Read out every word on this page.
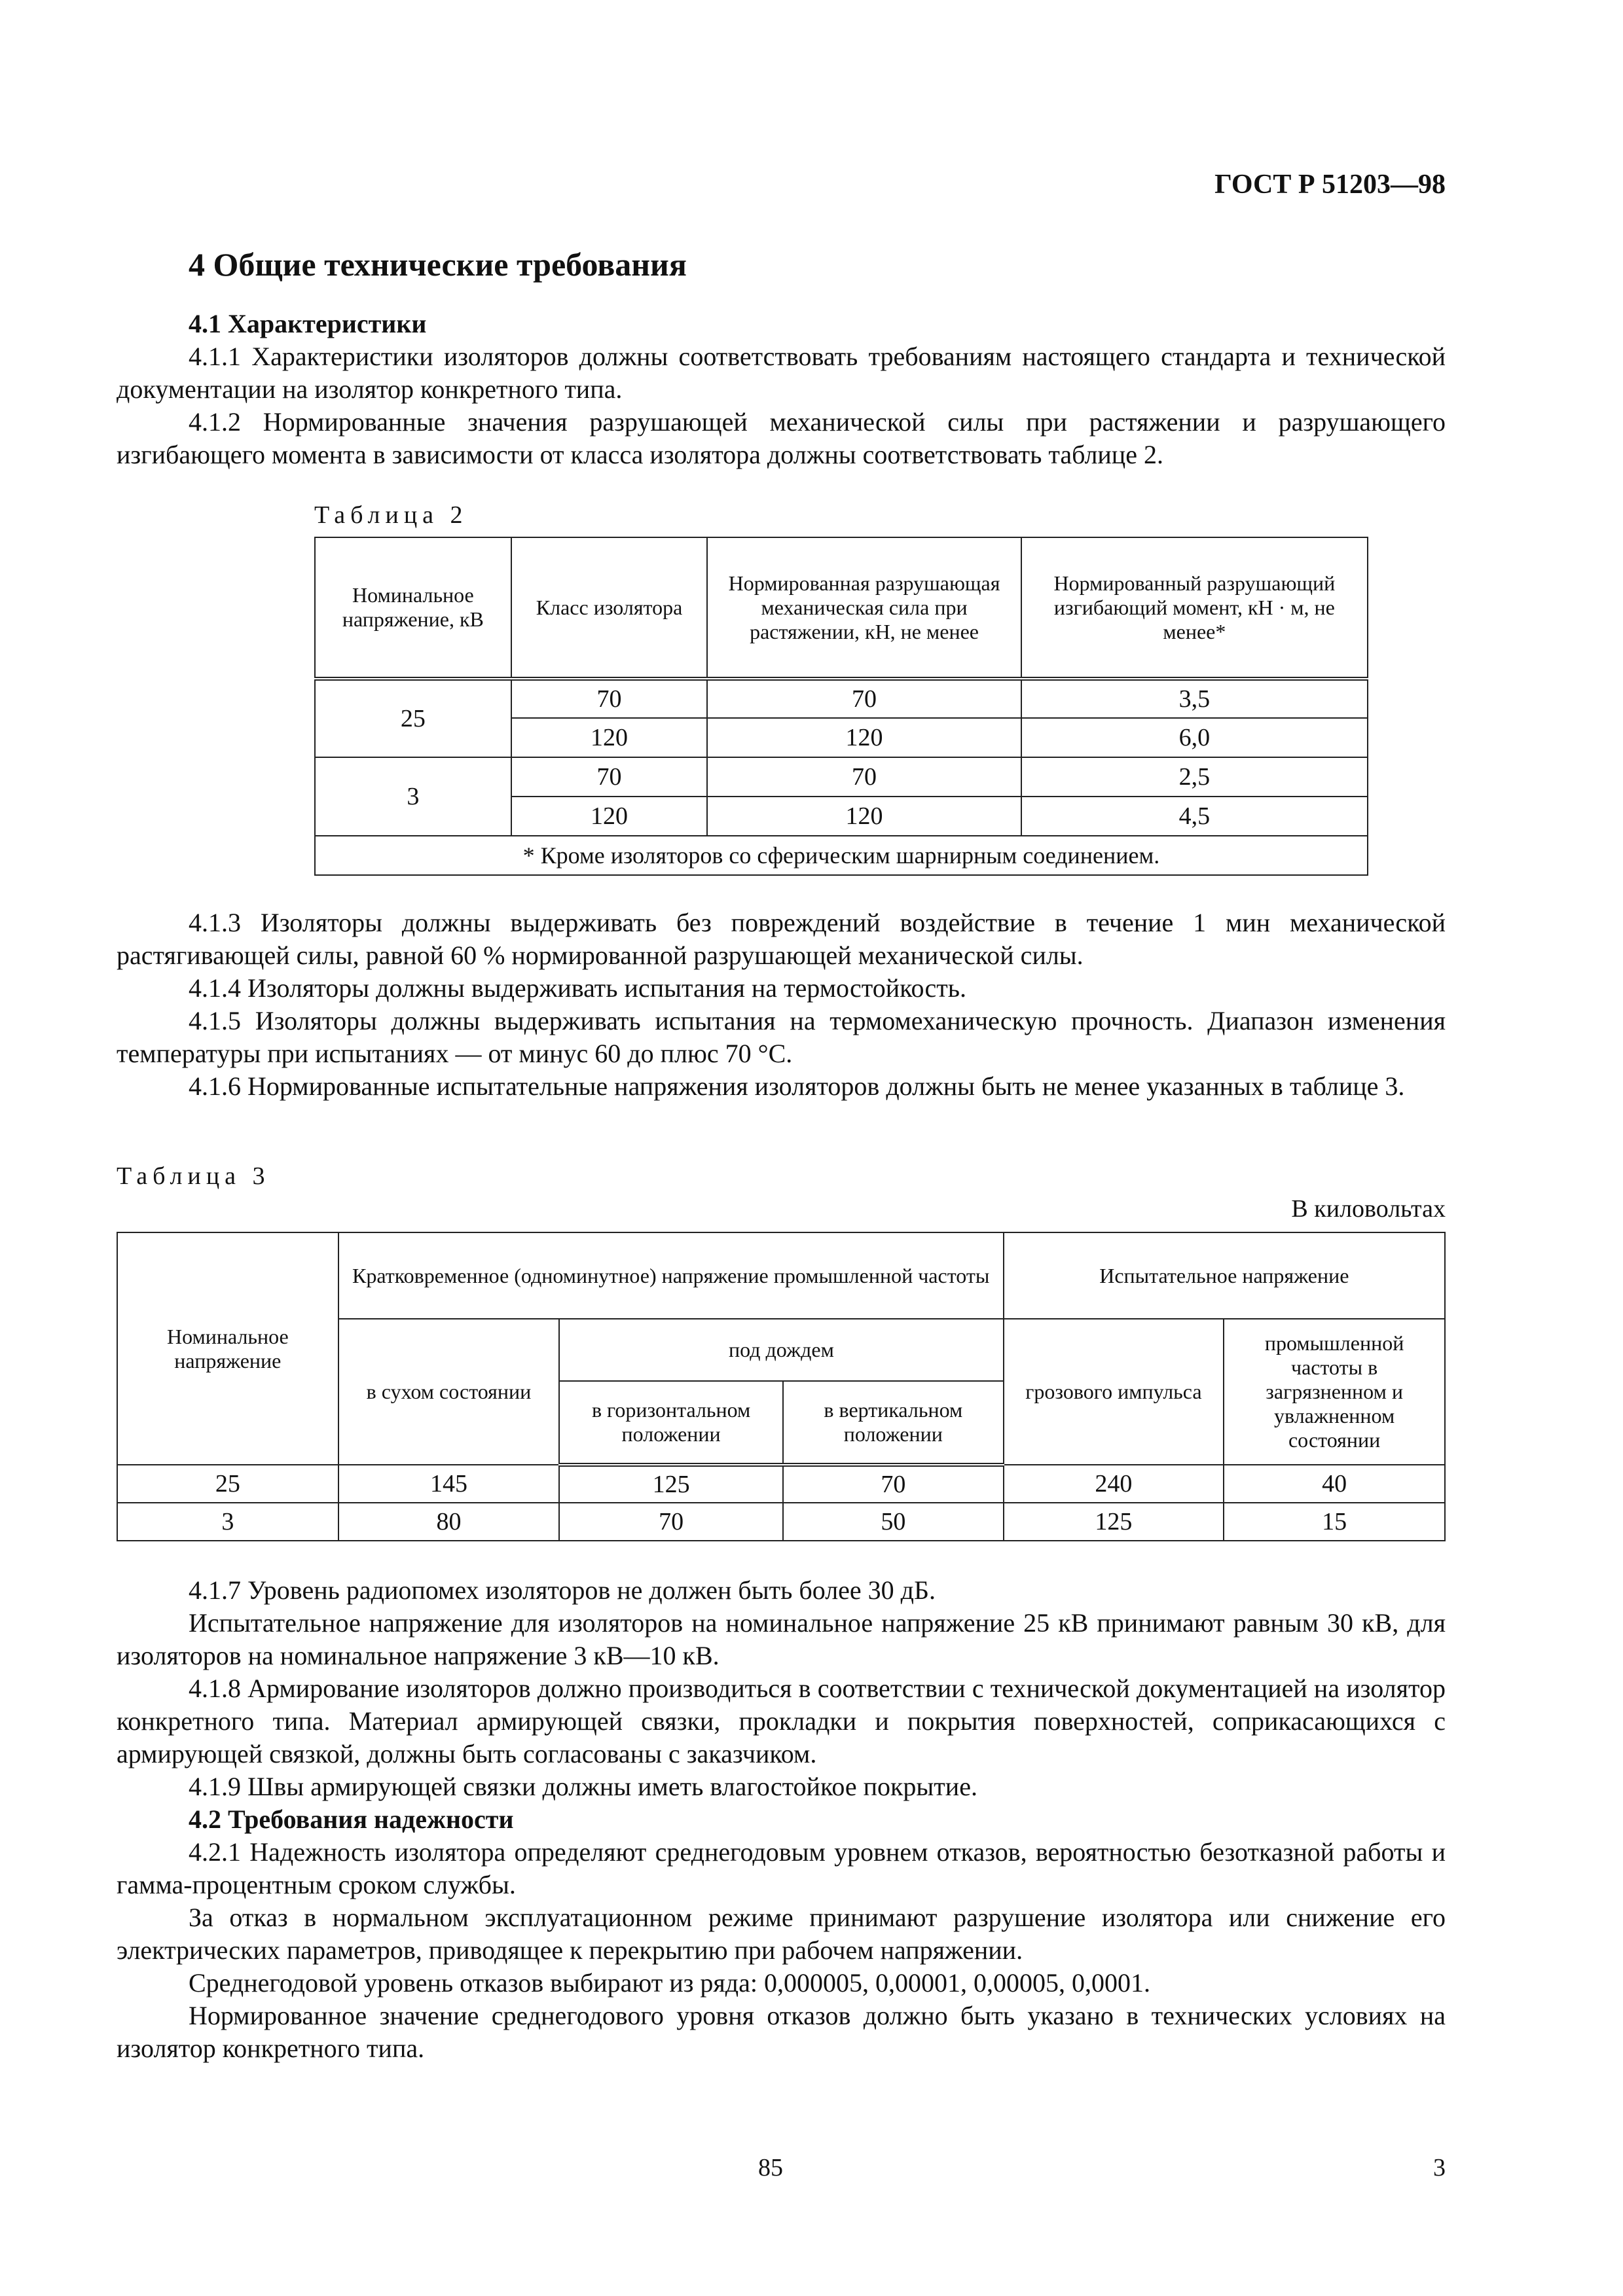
ГОСТ Р 51203—98
4 Общие технические требования

4.1 Характеристики

4.1.1 Характеристики изоляторов должны соответствовать требованиям настоящего стандарта и технической документации на изолятор конкретного типа.

4.1.2 Нормированные значения разрушающей механической силы при растяжении и разрушающего изгибающего момента в зависимости от класса изолятора должны соответствовать таблице 2.

Таблица 2
Номинальное напряжение, кВ	Класс изолятора	Нормированная разрушающая механическая сила при растяжении, кН, не менее	Нормированный разрушающий изгибающий момент, кН · м, не менее*
25	70	70	3,5
	120	120	6,0
3	70	70	2,5
	120	120	4,5
* Кроме изоляторов со сферическим шарнирным соединением.			

4.1.3 Изоляторы должны выдерживать без повреждений воздействие в течение 1 мин механической растягивающей силы, равной 60 % нормированной разрушающей механической силы.

4.1.4 Изоляторы должны выдерживать испытания на термостойкость.

4.1.5 Изоляторы должны выдерживать испытания на термомеханическую прочность. Диапазон изменения температуры при испытаниях — от минус 60 до плюс 70 °С.

4.1.6 Нормированные испытательные напряжения изоляторов должны быть не менее указанных в таблице 3.

Таблица 3
В киловольтах
Номинальное напряжение	Кратковременное (одноминутное) напряжение промышленной частоты			Испытательное напряжение	
	в сухом состоянии	под дождем		грозового импульса	промышленной частоты в загрязненном и увлажненном состоянии
		в горизонтальном положении	в вертикальном положении		
25	145	125	70	240	40
3	80	70	50	125	15

4.1.7 Уровень радиопомех изоляторов не должен быть более 30 дБ.

Испытательное напряжение для изоляторов на номинальное напряжение 25 кВ принимают равным 30 кВ, для изоляторов на номинальное напряжение 3 кВ—10 кВ.

4.1.8 Армирование изоляторов должно производиться в соответствии с технической документацией на изолятор конкретного типа. Материал армирующей связки, прокладки и покрытия поверхностей, соприкасающихся с армирующей связкой, должны быть согласованы с заказчиком.

4.1.9 Швы армирующей связки должны иметь влагостойкое покрытие.

4.2 Требования надежности

4.2.1 Надежность изолятора определяют среднегодовым уровнем отказов, вероятностью безотказной работы и гамма-процентным сроком службы.

За отказ в нормальном эксплуатационном режиме принимают разрушение изолятора или снижение его электрических параметров, приводящее к перекрытию при рабочем напряжении.

Среднегодовой уровень отказов выбирают из ряда: 0,000005, 0,00001, 0,00005, 0,0001.

Нормированное значение среднегодового уровня отказов должно быть указано в технических условиях на изолятор конкретного типа.

85	3
